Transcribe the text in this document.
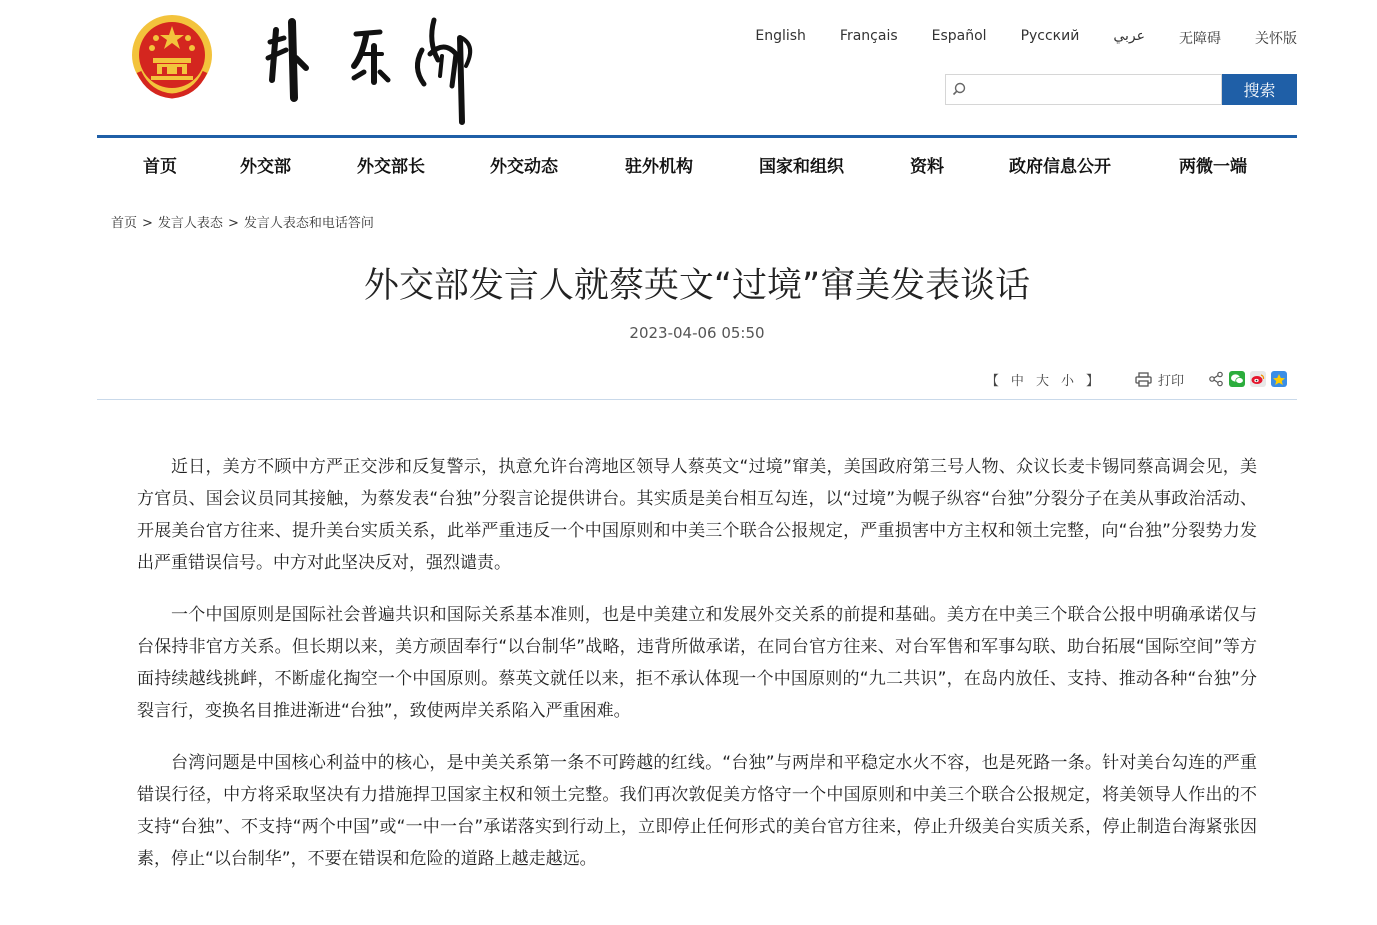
English Français Español Русский عربي 无障碍 关怀版
搜索
首页	外交部	外交部长	外交动态	驻外机构	国家和组织	资料	政府信息公开	两微一端
首页 > 发言人表态 > 发言人表态和电话答问
外交部发言人就蔡英文“过境”窜美发表谈话
2023-04-06 05:50
【 中 大 小 】	打印

近日，美方不顾中方严正交涉和反复警示，执意允许台湾地区领导人蔡英文“过境”窜美，美国政府第三号人物、众议长麦卡锡同蔡高调会见，美方官员、国会议员同其接触，为蔡发表“台独”分裂言论提供讲台。其实质是美台相互勾连，以“过境”为幌子纵容“台独”分裂分子在美从事政治活动、开展美台官方往来、提升美台实质关系，此举严重违反一个中国原则和中美三个联合公报规定，严重损害中方主权和领土完整，向“台独”分裂势力发出严重错误信号。中方对此坚决反对，强烈谴责。

一个中国原则是国际社会普遍共识和国际关系基本准则，也是中美建立和发展外交关系的前提和基础。美方在中美三个联合公报中明确承诺仅与台保持非官方关系。但长期以来，美方顽固奉行“以台制华”战略，违背所做承诺，在同台官方往来、对台军售和军事勾联、助台拓展“国际空间”等方面持续越线挑衅，不断虚化掏空一个中国原则。蔡英文就任以来，拒不承认体现一个中国原则的“九二共识”，在岛内放任、支持、推动各种“台独”分裂言行，变换名目推进渐进“台独”，致使两岸关系陷入严重困难。

台湾问题是中国核心利益中的核心，是中美关系第一条不可跨越的红线。“台独”与两岸和平稳定水火不容，也是死路一条。针对美台勾连的严重错误行径，中方将采取坚决有力措施捍卫国家主权和领土完整。我们再次敦促美方恪守一个中国原则和中美三个联合公报规定，将美领导人作出的不支持“台独”、不支持“两个中国”或“一中一台”承诺落实到行动上，立即停止任何形式的美台官方往来，停止升级美台实质关系，停止制造台海紧张因素，停止“以台制华”，不要在错误和危险的道路上越走越远。
